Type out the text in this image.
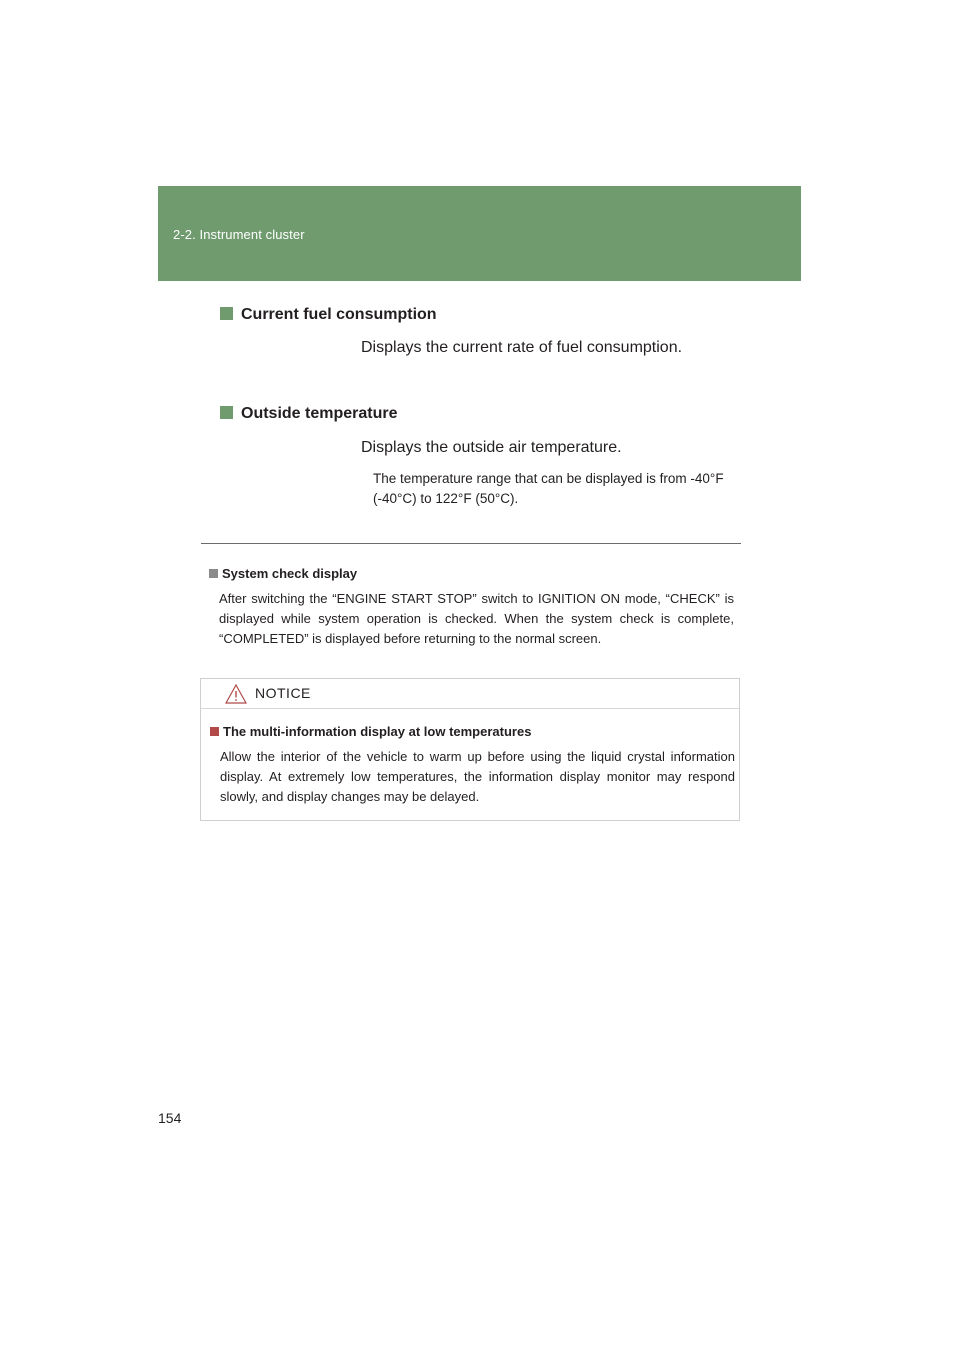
2-2. Instrument cluster
Current fuel consumption
Displays the current rate of fuel consumption.
Outside temperature
Displays the outside air temperature.
The temperature range that can be displayed is from -40°F (-40°C) to 122°F (50°C).
System check display
After switching the “ENGINE START STOP” switch to IGNITION ON mode, “CHECK” is displayed while system operation is checked. When the system check is complete, “COMPLETED” is displayed before returning to the normal screen.
NOTICE
The multi-information display at low temperatures
Allow the interior of the vehicle to warm up before using the liquid crystal information display. At extremely low temperatures, the information display monitor may respond slowly, and display changes may be delayed.
154
